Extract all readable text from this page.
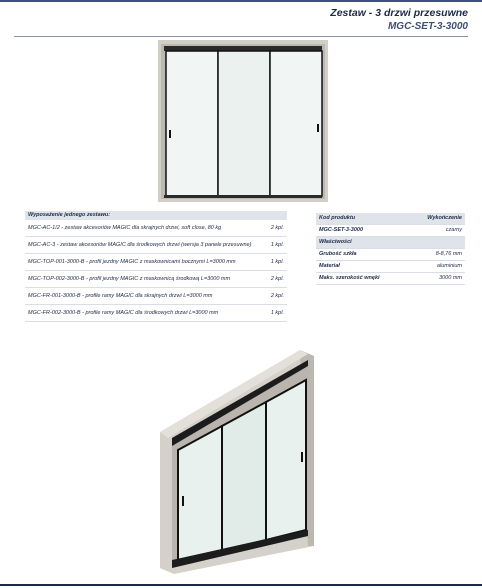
Zestaw - 3 drzwi przesuwne
MGC-SET-3-3000
Wyposażenie jednego zestawu:
MGC-AC-1/2 - zestaw akcesoriów MAGIC dla skrajnych drzwi, soft close, 80 kg	2 kpl.
MGC-AC-3 - zestaw akcesoriów MAGIC dla środkowych drzwi (wersja 3 panele przesuwne)	1 kpl.
MGC-TOP-001-3000-B - profil jezdny MAGIC z maskownicami bocznymi L=3000 mm	1 kpl.
MGC-TOP-002-3000-B - profil jezdny MAGIC z maskownicą środkową L=3000 mm	2 kpl.
MGC-FR-001-3000-B - profile ramy MAGIC dla skrajnych drzwi L=3000 mm	2 kpl.
MGC-FR-002-3000-B - profile ramy MAGIC dla środkowych drzwi L=3000 mm	1 kpl.
Kod produktu	Wykończenie
MGC-SET-3-3000	czarny
Właściwości
Grubość szkła	8-8,76 mm
Materiał	aluminium
Maks. szerokość wnęki	3000 mm
